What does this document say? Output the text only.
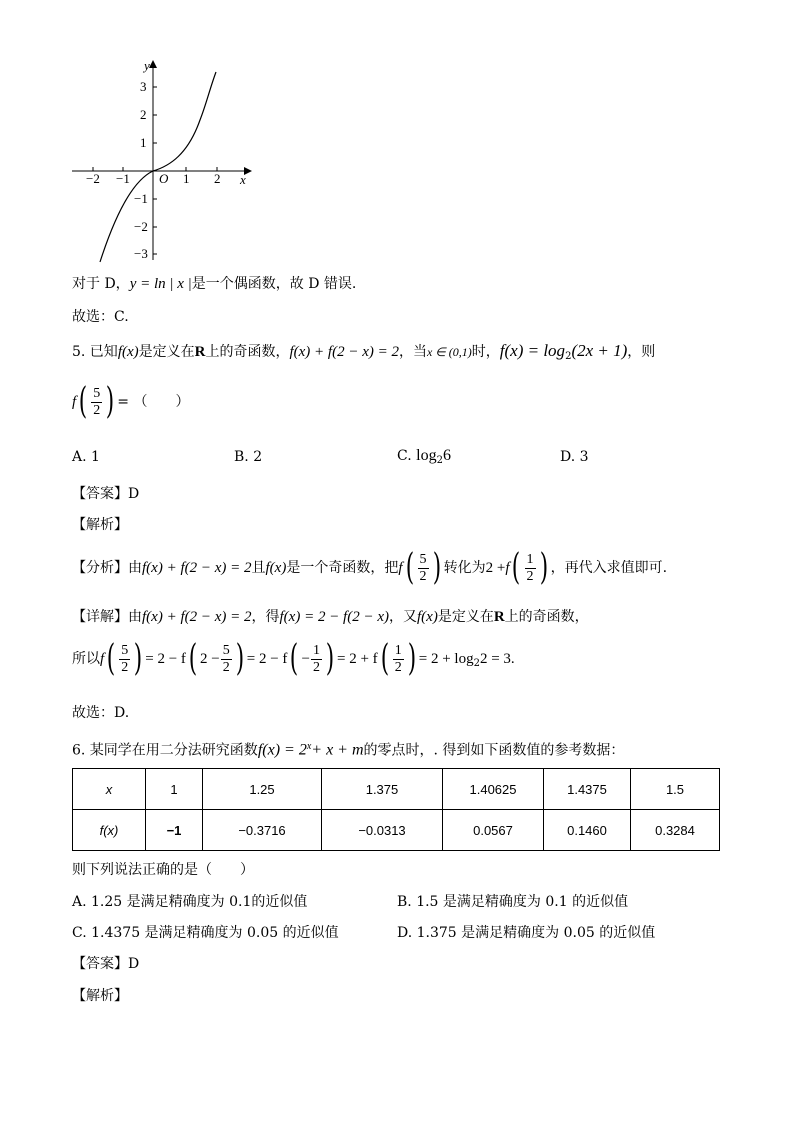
y
x
O
−2 −1	1 2
3
2
1
−1
−2
−3
对于 D，y = ln | x |是一个偶函数，故 D 错误.
故选：C.
5. 已知f(x)是定义在R上的奇函数，f(x) + f(2 − x) = 2，当x ∈ (0,1)时，$f(x) = \log_2(2x + 1)$，则
$f( \frac{5}{2}$ ) = （　　）
A. 1	B. 2	C. $\log_26$	D. 3
【答案】D
【解析】
【分析】由f(x) + f(2 − x) = 2且f(x)是一个奇函数，把$f( \frac{5}{2}$ ) 转化为$2 +f( \frac{1}{2}$ ) ，再代入求值即可.
【详解】由f(x) + f(2 − x) = 2，得f(x) = 2 − f(2 − x)，又f(x)是定义在R上的奇函数，
所以$f( \frac{5}{2}$ ) = 2 − f( $2 - \frac{5}{2}$ ) = $2 - f( - \frac{1}{2}$ ) = $2 + f( \frac{1}{2}$ ) = $2 + \log_22 = 3$.
故选：D.
6. 某同学在用二分法研究函数$f(x) = 2^x+ x + m$的零点时，. 得到如下函数值的参考数据：
x	1	1.25	1.375	1.40625	1.4375	1.5
f(x)	−1	−0.3716	−0.0313	0.0567	0.1460	0.3284
则下列说法正确的是（　　）
A. 1.25 是满足精确度为 0.1的近似值	B. 1.5 是满足精确度为 0.1 的近似值
C. 1.4375 是满足精确度为 0.05 的近似值	D. 1.375 是满足精确度为 0.05 的近似值
【答案】D
【解析】
